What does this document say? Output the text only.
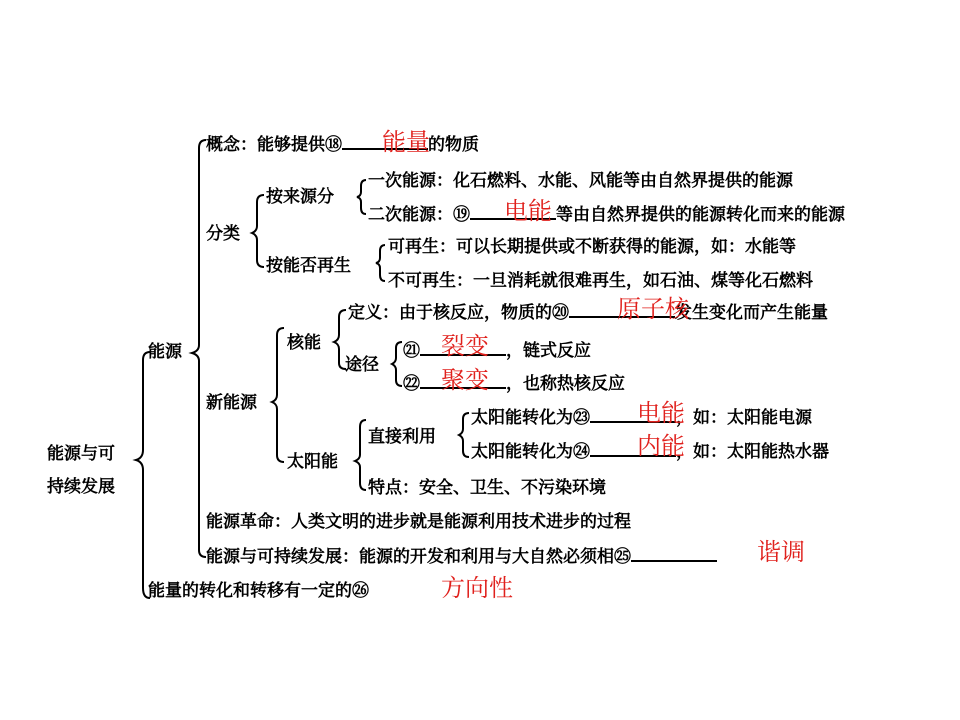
能源与可
持续发展
能源
概念：能够提供⑱	的物质
能量
分类
按来源分
一次能源：化石燃料、水能、风能等由自然界提供的能源
二次能源：⑲	等由自然界提供的能源转化而来的能源
电能
按能否再生
可再生：可以长期提供或不断获得的能源，如：水能等
不可再生：一旦消耗就很难再生，如石油、煤等化石燃料
新能源
核能
定义：由于核反应，物质的⑳	发生变化而产生能量
原子核
途径
㉑	，链式反应
裂变
㉒	，也称热核反应
聚变
太阳能
直接利用
太阳能转化为㉓	，如：太阳能电源
电能
太阳能转化为㉔	，如：太阳能热水器
内能
特点：安全、卫生、不污染环境
能源革命：人类文明的进步就是能源利用技术进步的过程
能源与可持续发展：能源的开发和利用与大自然必须相㉕	谐调
能量的转化和转移有一定的㉖	方向性
